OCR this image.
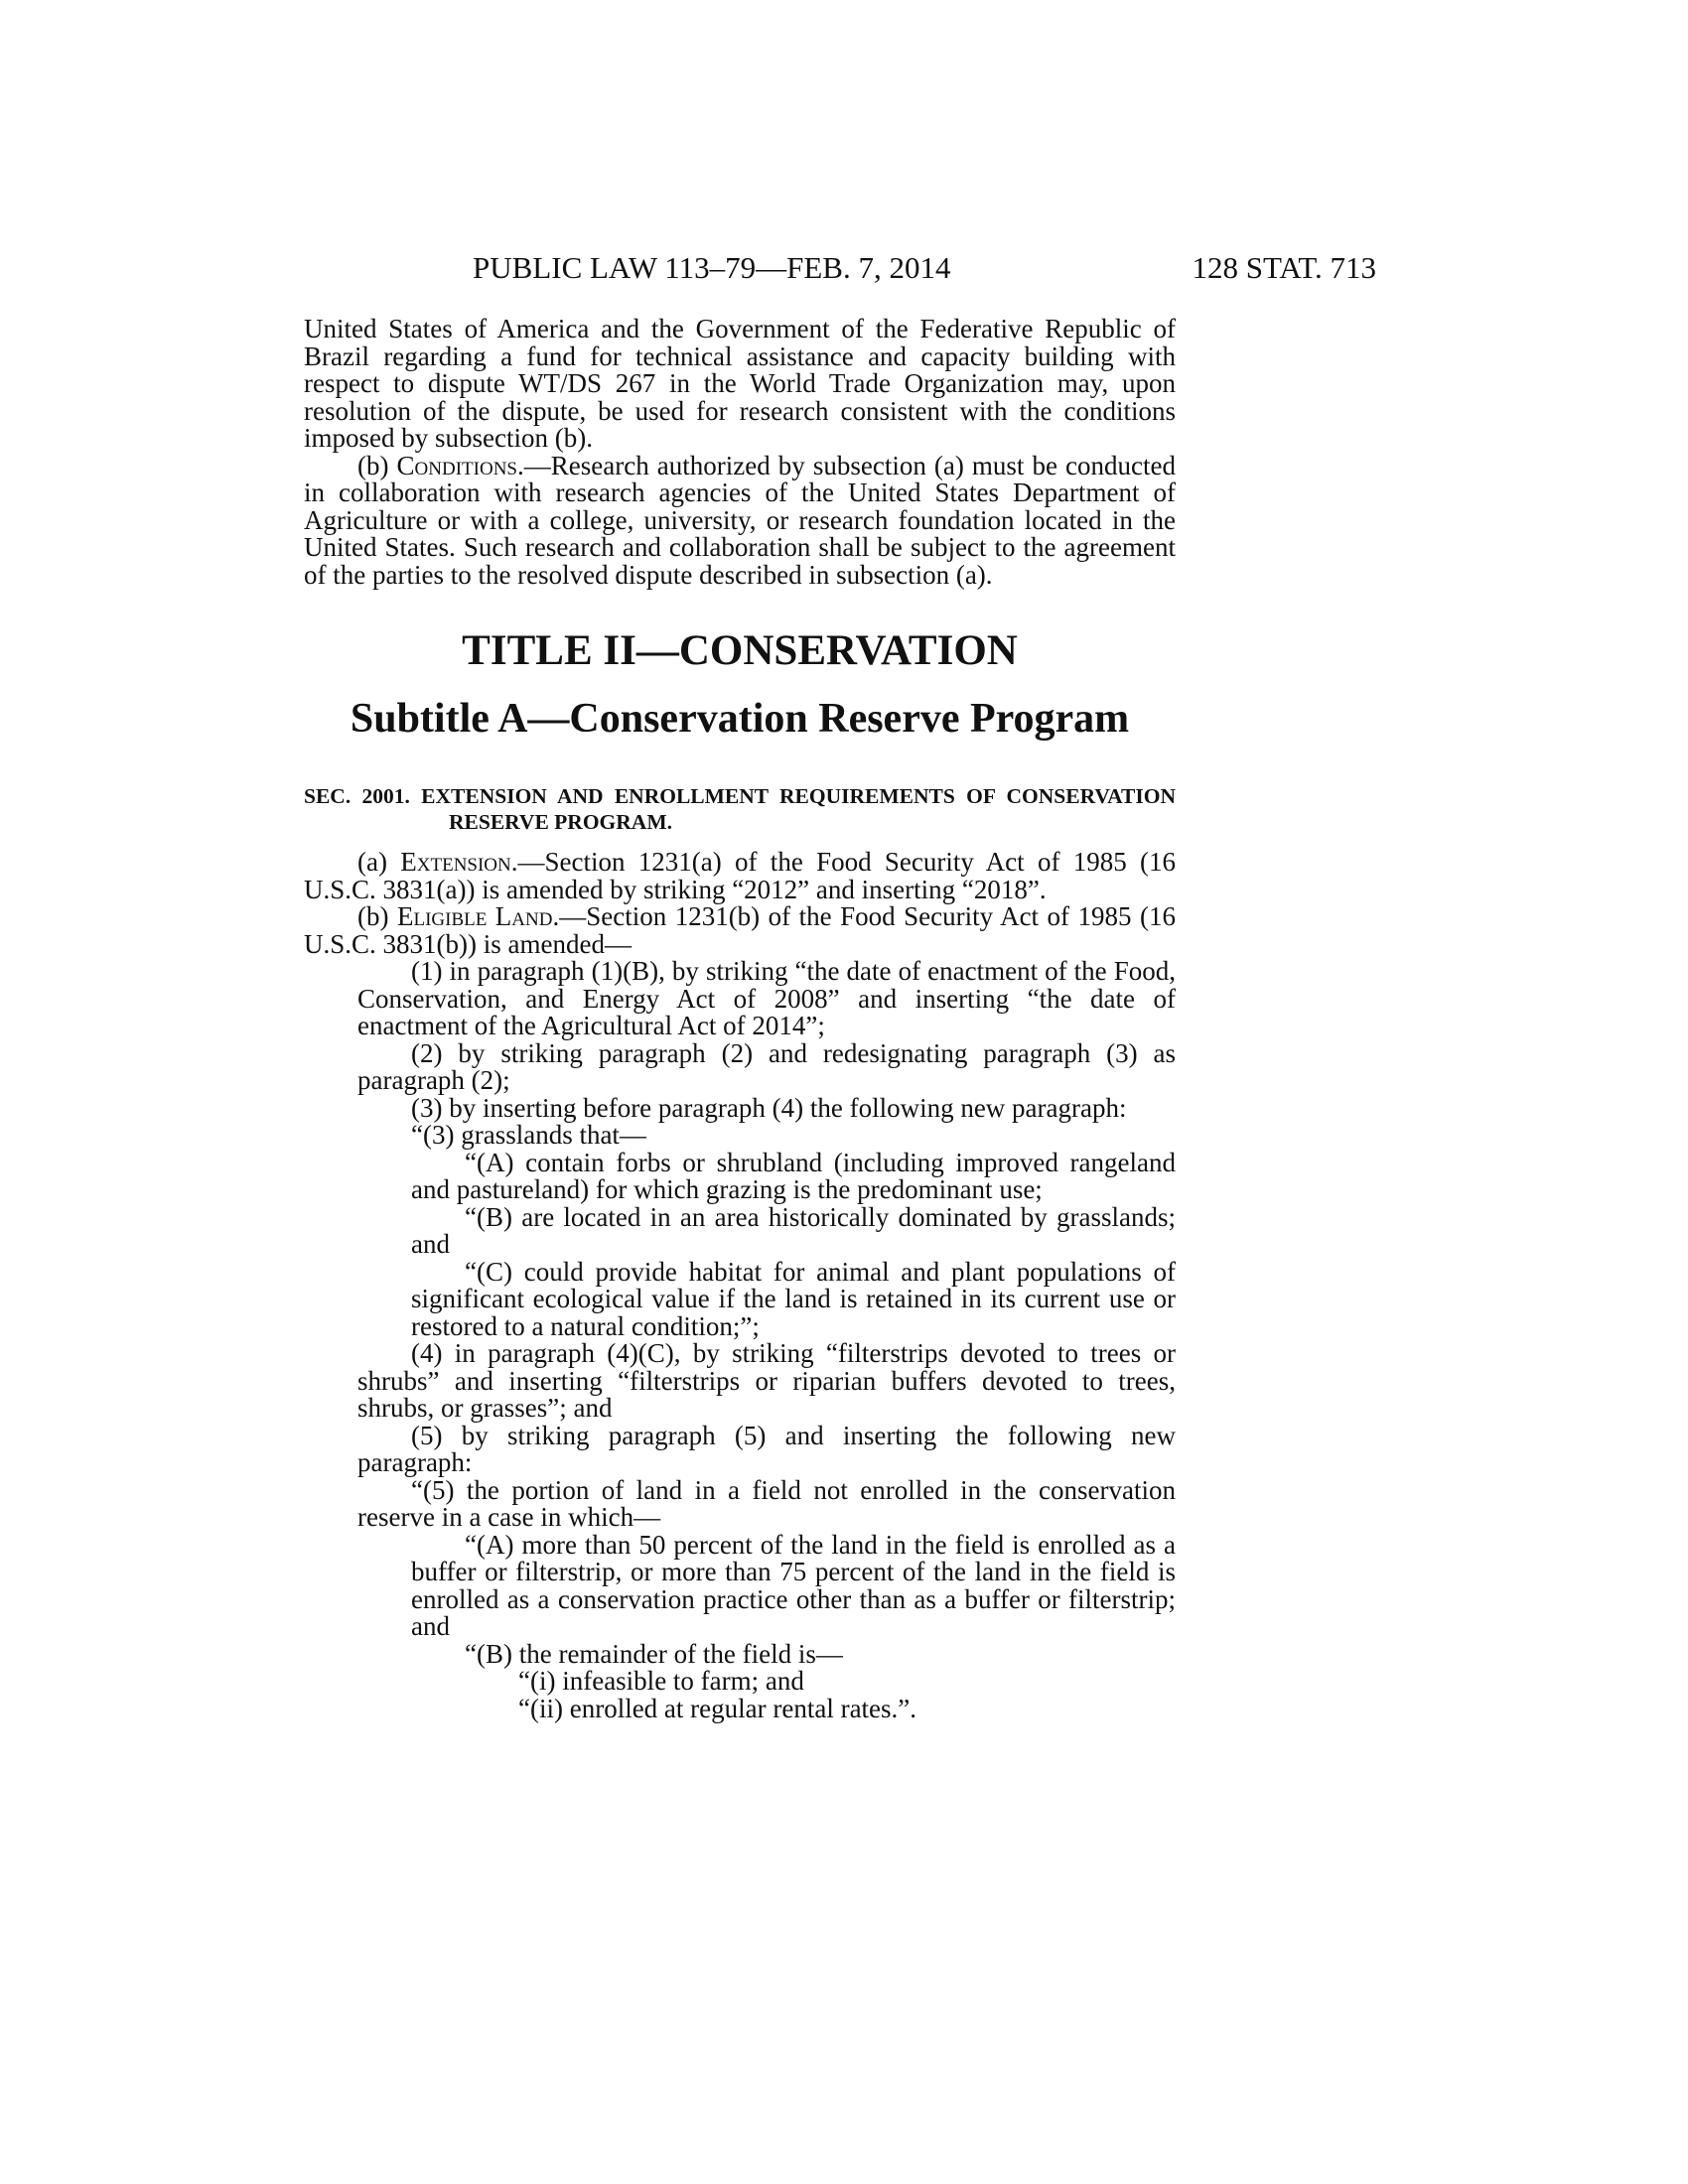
PUBLIC LAW 113–79—FEB. 7, 2014	128 STAT. 713

United States of America and the Government of the Federative Republic of Brazil regarding a fund for technical assistance and capacity building with respect to dispute WT/DS 267 in the World Trade Organization may, upon resolution of the dispute, be used for research consistent with the conditions imposed by subsection (b).

(b) Conditions.—Research authorized by subsection (a) must be conducted in collaboration with research agencies of the United States Department of Agriculture or with a college, university, or research foundation located in the United States. Such research and collaboration shall be subject to the agreement of the parties to the resolved dispute described in subsection (a).

TITLE II—CONSERVATION
Subtitle A—Conservation Reserve Program
SEC. 2001. EXTENSION AND ENROLLMENT REQUIREMENTS OF CONSERVATION RESERVE PROGRAM.

(a) Extension.—Section 1231(a) of the Food Security Act of 1985 (16 U.S.C. 3831(a)) is amended by striking “2012” and inserting “2018”.

(b) Eligible Land.—Section 1231(b) of the Food Security Act of 1985 (16 U.S.C. 3831(b)) is amended—

(1) in paragraph (1)(B), by striking “the date of enactment of the Food, Conservation, and Energy Act of 2008” and inserting “the date of enactment of the Agricultural Act of 2014”;

(2) by striking paragraph (2) and redesignating paragraph (3) as paragraph (2);

(3) by inserting before paragraph (4) the following new paragraph:

“(3) grasslands that—

“(A) contain forbs or shrubland (including improved rangeland and pastureland) for which grazing is the predominant use;

“(B) are located in an area historically dominated by grasslands; and

“(C) could provide habitat for animal and plant populations of significant ecological value if the land is retained in its current use or restored to a natural condition;”;

(4) in paragraph (4)(C), by striking “filterstrips devoted to trees or shrubs” and inserting “filterstrips or riparian buffers devoted to trees, shrubs, or grasses”; and

(5) by striking paragraph (5) and inserting the following new paragraph:

“(5) the portion of land in a field not enrolled in the conservation reserve in a case in which—

“(A) more than 50 percent of the land in the field is enrolled as a buffer or filterstrip, or more than 75 percent of the land in the field is enrolled as a conservation practice other than as a buffer or filterstrip; and

“(B) the remainder of the field is—

“(i) infeasible to farm; and

“(ii) enrolled at regular rental rates.”.
